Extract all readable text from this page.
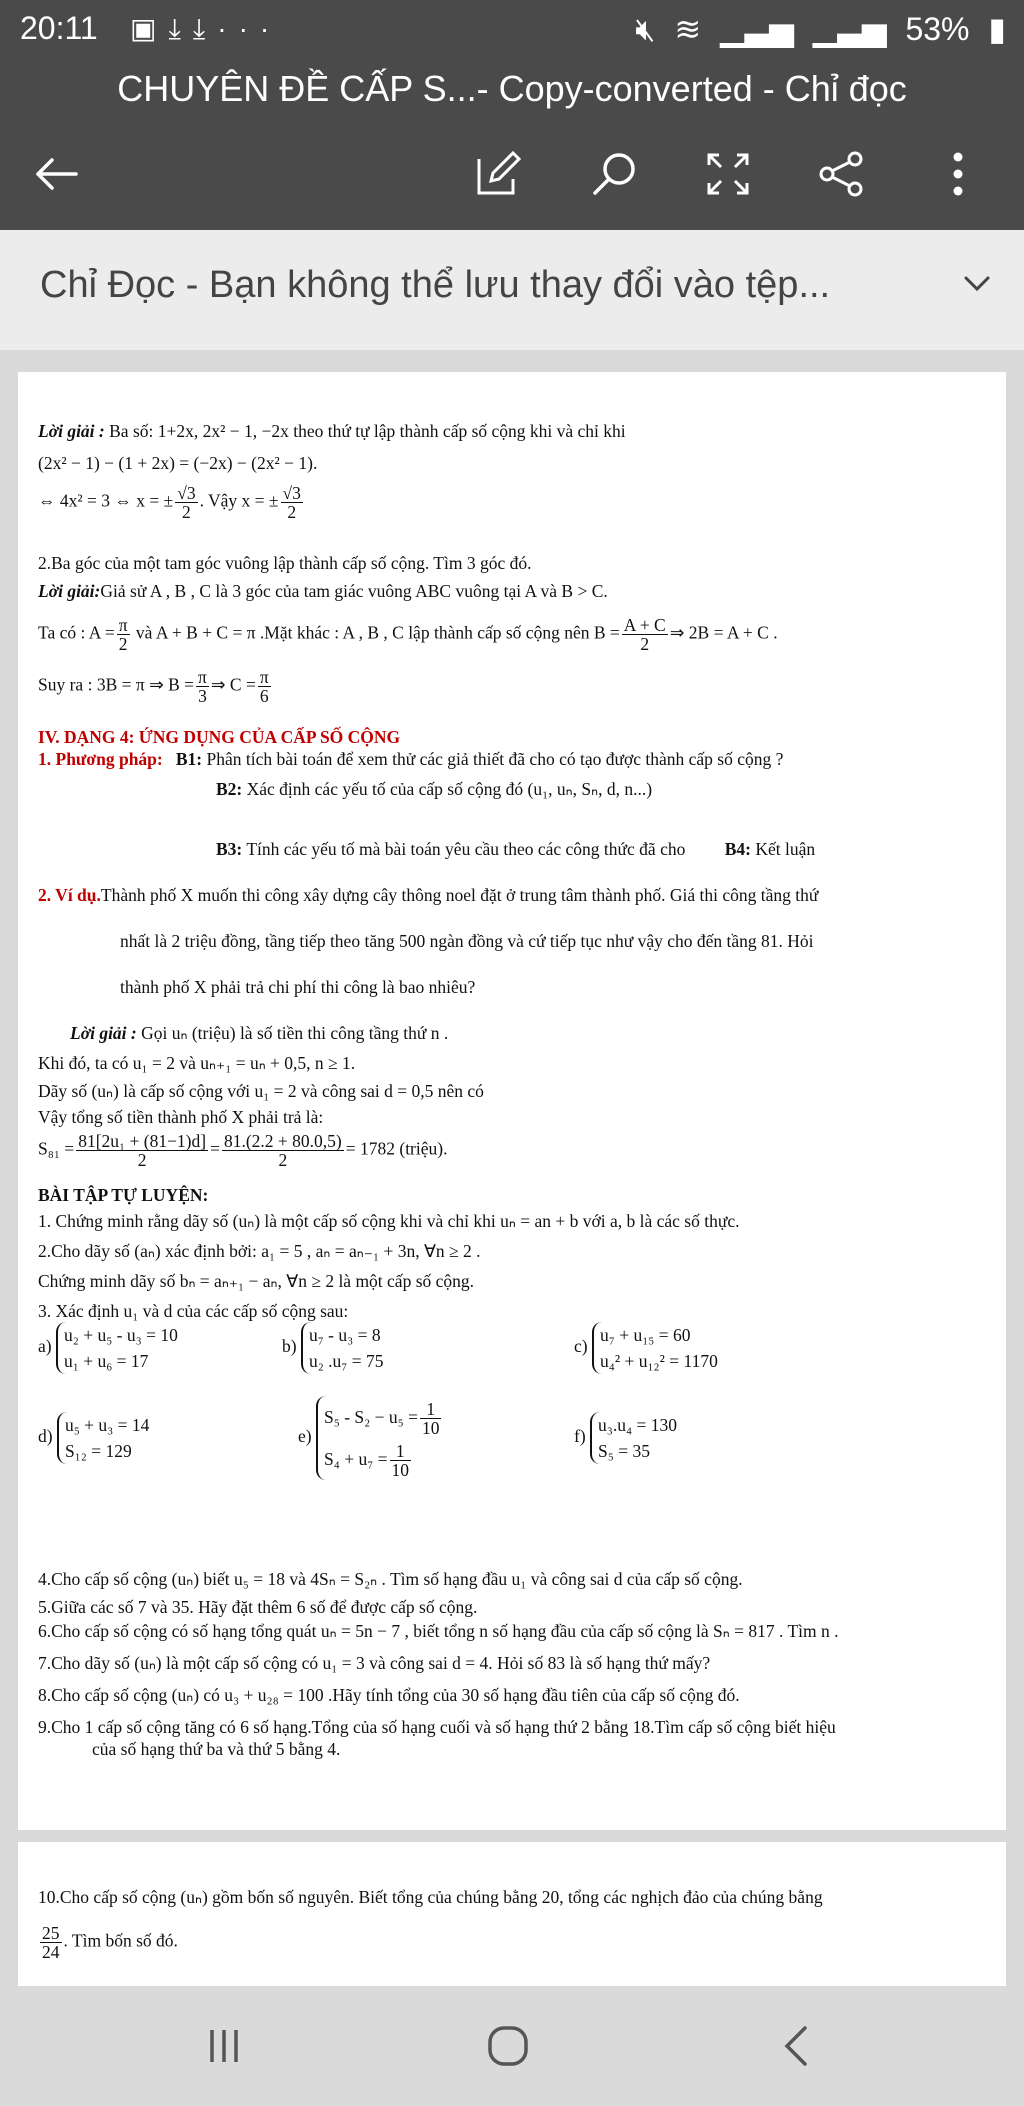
20:11 ▣⤓⤓···	🔇︎ ≋ ▁▃▅ ▁▃▅ 53% ▮
CHUYÊN ĐỀ CẤP S...- Copy-converted - Chỉ đọc
Chỉ Đọc - Bạn không thể lưu thay đổi vào tệp...
Lời giải : Ba số: 1+2x, 2x² − 1, −2x theo thứ tự lập thành cấp số cộng khi và chỉ khi
(2x² − 1) − (1 + 2x) = (−2x) − (2x² − 1).
⇔ 4x² = 3 ⇔ x = ± $\frac{√3}{2}$ . Vậy x = ± $\frac{√3}{2}$
2.Ba góc của một tam góc vuông lập thành cấp số cộng. Tìm 3 góc đó.
Lời giải:Giả sử A , B , C là 3 góc của tam giác vuông ABC vuông tại A và B > C.
Ta có : $A = \frac{\pi}{2}$ và A + B + C = π .Mặt khác : A , B , C lập thành cấp số cộng nên $B = \frac{A + C}{2}$ ⇒ 2B = A + C .
Suy ra : 3B = π ⇒ $B = \frac{\pi}{3}$ ⇒ $C = \frac{\pi}{6}$
IV. DẠNG 4: ỨNG DỤNG CỦA CẤP SỐ CỘNG
1. Phương pháp: B1: Phân tích bài toán để xem thử các giả thiết đã cho có tạo được thành cấp số cộng ?
B2: Xác định các yếu tố của cấp số cộng đó (u₁, uₙ, Sₙ, d, n...)
B3: Tính các yếu tố mà bài toán yêu cầu theo các công thức đã cho B4: Kết luận
2. Ví dụ.Thành phố X muốn thi công xây dựng cây thông noel đặt ở trung tâm thành phố. Giá thi công tầng thứ
nhất là 2 triệu đồng, tầng tiếp theo tăng 500 ngàn đồng và cứ tiếp tục như vậy cho đến tầng 81. Hỏi
thành phố X phải trả chi phí thi công là bao nhiêu?
Lời giải : Gọi uₙ (triệu) là số tiền thi công tầng thứ n .
Khi đó, ta có u₁ = 2 và uₙ₊₁ = uₙ + 0,5, n ≥ 1.
Dãy số (uₙ) là cấp số cộng với u₁ = 2 và công sai d = 0,5 nên có
Vậy tổng số tiền thành phố X phải trả là:
$S_{81} = \frac{\text{81[2u₁ + (81−1)d]}}{2} = \frac{81.(2.2 + 80.0,5)}{2} = 1782$ (triệu).
BÀI TẬP TỰ LUYỆN:
1. Chứng minh rằng dãy số (uₙ) là một cấp số cộng khi và chỉ khi uₙ = an + b với a, b là các số thực.
2.Cho dãy số (aₙ) xác định bởi: a₁ = 5 , aₙ = aₙ₋₁ + 3n, ∀n ≥ 2 .
Chứng minh dãy số bₙ = aₙ₊₁ − aₙ, ∀n ≥ 2 là một cấp số cộng.
3. Xác định u₁ và d của các cấp số cộng sau:
a) u₂ + u₅ - u₃ = 10
u₁ + u₆ = 17
b) u₇ - u₃ = 8
u₂ .u₇ = 75
c) u₇ + u₁₅ = 60
u₄² + u₁₂² = 1170
d) u₅ + u₃ = 14
S₁₂ = 129
e) $S_5 - S_2 - u_5 = \frac{1}{10}$

$S_4 + u_7 = \frac{1}{10}$
f) u₃.u₄ = 130
S₅ = 35
4.Cho cấp số cộng (uₙ) biết u₅ = 18 và 4Sₙ = S₂ₙ . Tìm số hạng đầu u₁ và công sai d của cấp số cộng.
5.Giữa các số 7 và 35. Hãy đặt thêm 6 số để được cấp số cộng.
6.Cho cấp số cộng có số hạng tổng quát uₙ = 5n − 7 , biết tổng n số hạng đầu của cấp số cộng là Sₙ = 817 . Tìm n .
7.Cho dãy số (uₙ) là một cấp số cộng có u₁ = 3 và công sai d = 4. Hỏi số 83 là số hạng thứ mấy?
8.Cho cấp số cộng (uₙ) có u₃ + u₂₈ = 100 .Hãy tính tổng của 30 số hạng đầu tiên của cấp số cộng đó.
9.Cho 1 cấp số cộng tăng có 6 số hạng.Tổng của số hạng cuối và số hạng thứ 2 bằng 18.Tìm cấp số cộng biết hiệu
của số hạng thứ ba và thứ 5 bằng 4.
10.Cho cấp số cộng (uₙ) gồm bốn số nguyên. Biết tổng của chúng bằng 20, tổng các nghịch đảo của chúng bằng
$\frac{25}{24}$ . Tìm bốn số đó.
